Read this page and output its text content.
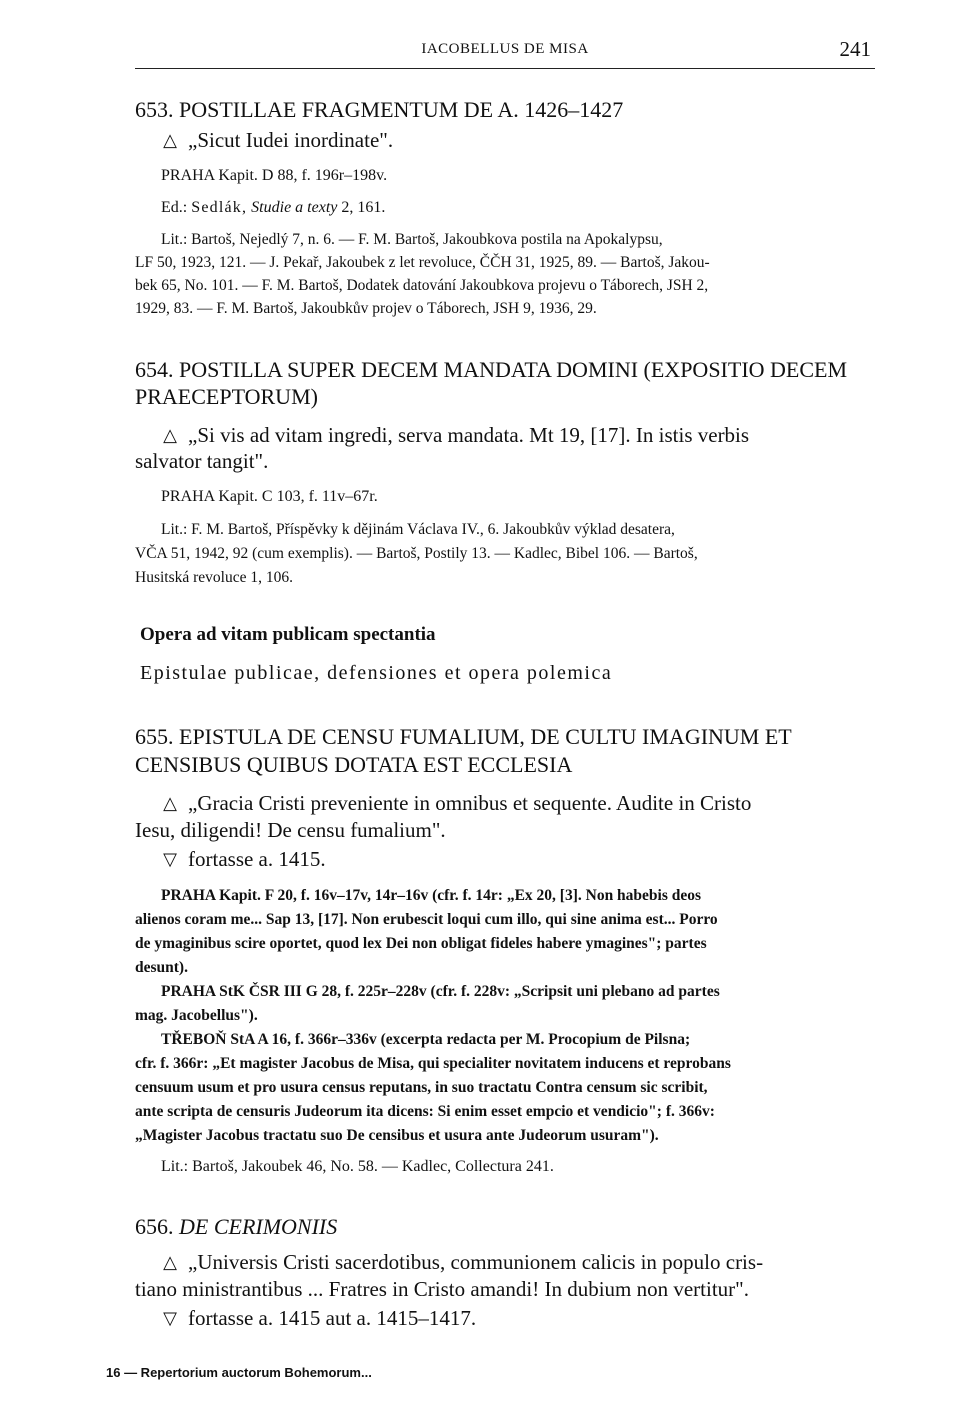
IACOBELLUS DE MISA	241
653. POSTILLAE FRAGMENTUM DE A. 1426–1427
△ „Sicut Iudei inordinate".
PRAHA Kapit. D 88, f. 196r–198v.
Ed.: Sedlák, Studie a texty 2, 161.
Lit.: Bartoš, Nejedlý 7, n. 6. — F. M. Bartoš, Jakoubkova postila na Apokalypsu,
LF 50, 1923, 121. — J. Pekař, Jakoubek z let revoluce, ČČH 31, 1925, 89. — Bartoš, Jakou-
bek 65, No. 101. — F. M. Bartoš, Dodatek datování Jakoubkova projevu o Táborech, JSH 2,
1929, 83. — F. M. Bartoš, Jakoubkův projev o Táborech, JSH 9, 1936, 29.
654. POSTILLA SUPER DECEM MANDATA DOMINI (EXPOSITIO DECEM
PRAECEPTORUM)
△ „Si vis ad vitam ingredi, serva mandata. Mt 19, [17]. In istis verbis
salvator tangit".
PRAHA Kapit. C 103, f. 11v–67r.
Lit.: F. M. Bartoš, Příspěvky k dějinám Václava IV., 6. Jakoubkův výklad desatera,
VČA 51, 1942, 92 (cum exemplis). — Bartoš, Postily 13. — Kadlec, Bibel 106. — Bartoš,
Husitská revoluce 1, 106.
Opera ad vitam publicam spectantia
Epistulae publicae, defensiones et opera polemica
655. EPISTULA DE CENSU FUMALIUM, DE CULTU IMAGINUM ET
CENSIBUS QUIBUS DOTATA EST ECCLESIA
△ „Gracia Cristi preveniente in omnibus et sequente. Audite in Cristo
Iesu, diligendi! De censu fumalium".
▽ fortasse a. 1415.
PRAHA Kapit. F 20, f. 16v–17v, 14r–16v (cfr. f. 14r: „Ex 20, [3]. Non habebis deos
alienos coram me... Sap 13, [17]. Non erubescit loqui cum illo, qui sine anima est... Porro
de ymaginibus scire oportet, quod lex Dei non obligat fideles habere ymagines"; partes
desunt).
PRAHA StK ČSR III G 28, f. 225r–228v (cfr. f. 228v: „Scripsit uni plebano ad partes
mag. Jacobellus").
TŘEBOŇ StA A 16, f. 366r–336v (excerpta redacta per M. Procopium de Pilsna;
cfr. f. 366r: „Et magister Jacobus de Misa, qui specialiter novitatem inducens et reprobans
censuum usum et pro usura census reputans, in suo tractatu Contra censum sic scribit,
ante scripta de censuris Judeorum ita dicens: Si enim esset empcio et vendicio"; f. 366v:
„Magister Jacobus tractatu suo De censibus et usura ante Judeorum usuram").
Lit.: Bartoš, Jakoubek 46, No. 58. — Kadlec, Collectura 241.
656. DE CERIMONIIS
△ „Universis Cristi sacerdotibus, communionem calicis in populo cris-
tiano ministrantibus ... Fratres in Cristo amandi! In dubium non vertitur".
▽ fortasse a. 1415 aut a. 1415–1417.
16 — Repertorium auctorum Bohemorum...
